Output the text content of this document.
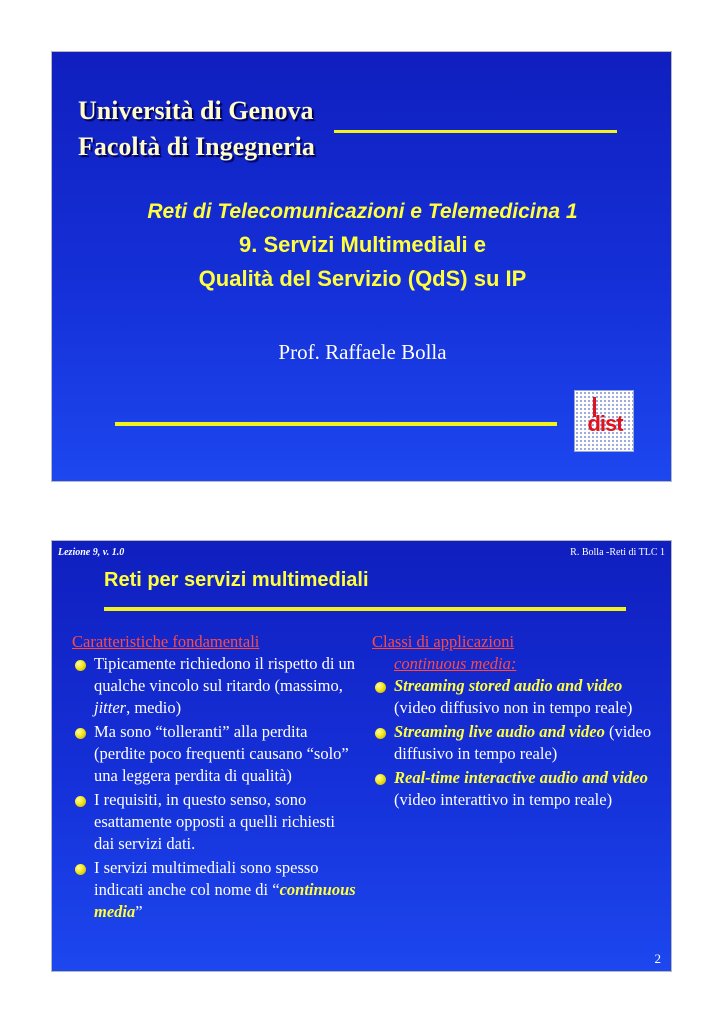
Università di Genova
Facoltà di Ingegneria
Reti di Telecomunicazioni e Telemedicina 1
9. Servizi Multimediali e
Qualità del Servizio (QdS) su IP
Prof. Raffaele Bolla
dist
Lezione 9, v. 1.0	R. Bolla -Reti di TLC 1
Reti per servizi multimediali
Caratteristiche fondamentali
Tipicamente richiedono il rispetto di un qualche vincolo sul ritardo (massimo, jitter, medio)
Ma sono “tolleranti” alla perdita (perdite poco frequenti causano “solo” una leggera perdita di qualità)
I requisiti, in questo senso, sono esattamente opposti a quelli richiesti dai servizi dati.
I servizi multimediali sono spesso indicati anche col nome di “continuous media”
Classi di applicazioni
continuous media:
Streaming stored audio and video (video diffusivo non in tempo reale)
Streaming live audio and video (video diffusivo in tempo reale)
Real-time interactive audio and video (video interattivo in tempo reale)
2
